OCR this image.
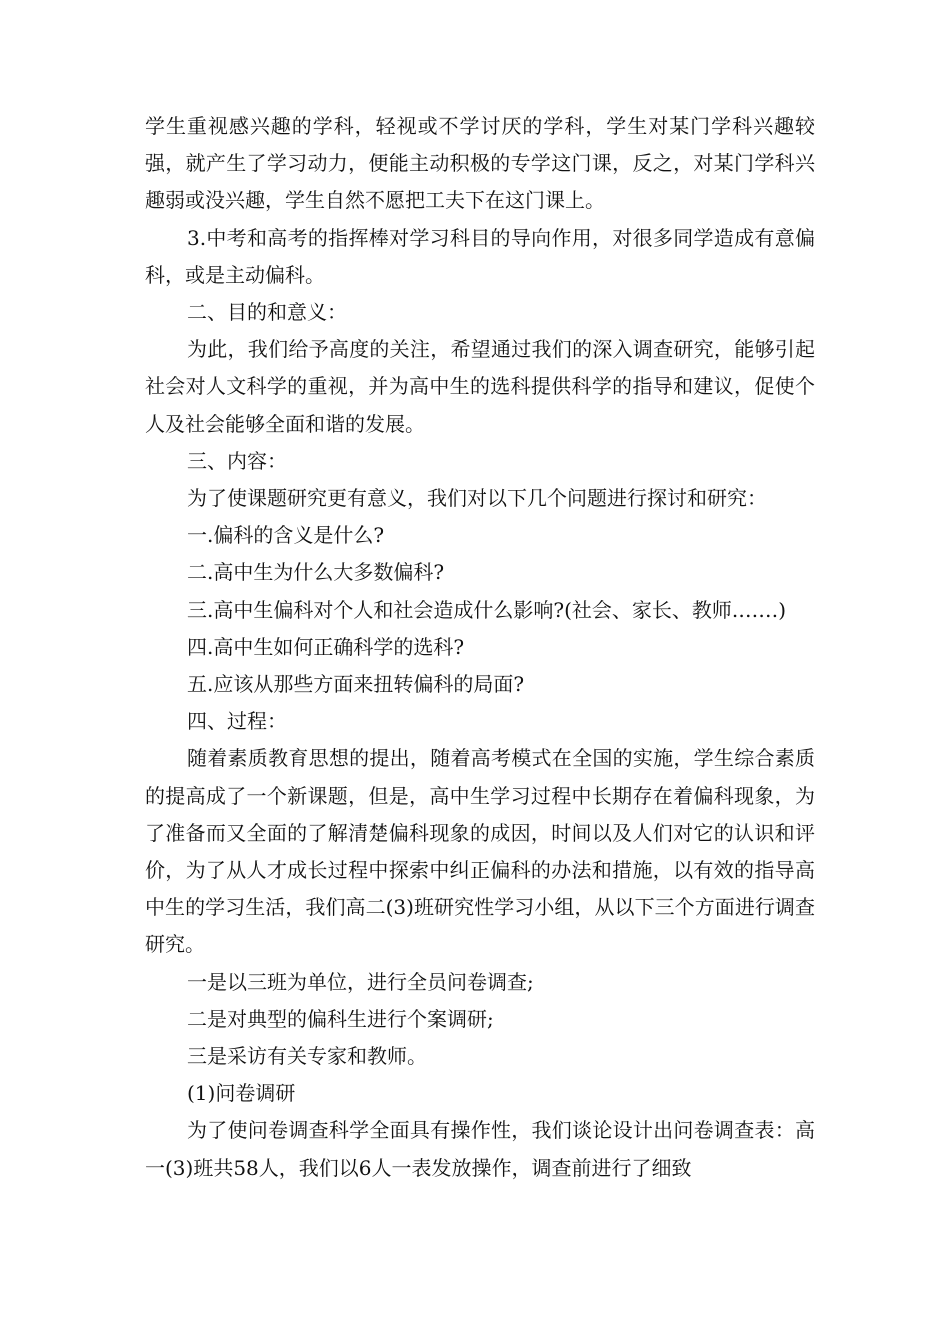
学生重视感兴趣的学科，轻视或不学讨厌的学科，学生对某门学科兴趣较强，就产生了学习动力，便能主动积极的专学这门课，反之，对某门学科兴趣弱或没兴趣，学生自然不愿把工夫下在这门课上。

3.中考和高考的指挥棒对学习科目的导向作用，对很多同学造成有意偏科，或是主动偏科。

二、目的和意义：

为此，我们给予高度的关注，希望通过我们的深入调查研究，能够引起社会对人文科学的重视，并为高中生的选科提供科学的指导和建议，促使个人及社会能够全面和谐的发展。

三、内容：

为了使课题研究更有意义，我们对以下几个问题进行探讨和研究：

一.偏科的含义是什么?

二.高中生为什么大多数偏科?

三.高中生偏科对个人和社会造成什么影响?(社会、家长、教师.……)

四.高中生如何正确科学的选科?

五.应该从那些方面来扭转偏科的局面?

四、过程：

随着素质教育思想的提出，随着高考模式在全国的实施，学生综合素质的提高成了一个新课题，但是，高中生学习过程中长期存在着偏科现象，为了准备而又全面的了解清楚偏科现象的成因，时间以及人们对它的认识和评价，为了从人才成长过程中探索中纠正偏科的办法和措施，以有效的指导高中生的学习生活，我们高二(3)班研究性学习小组，从以下三个方面进行调查研究。

一是以三班为单位，进行全员问卷调查;

二是对典型的偏科生进行个案调研;

三是采访有关专家和教师。

(1)问卷调研

为了使问卷调查科学全面具有操作性，我们谈论设计出问卷调查表：高一(3)班共58人，我们以6人一表发放操作，调查前进行了细致
